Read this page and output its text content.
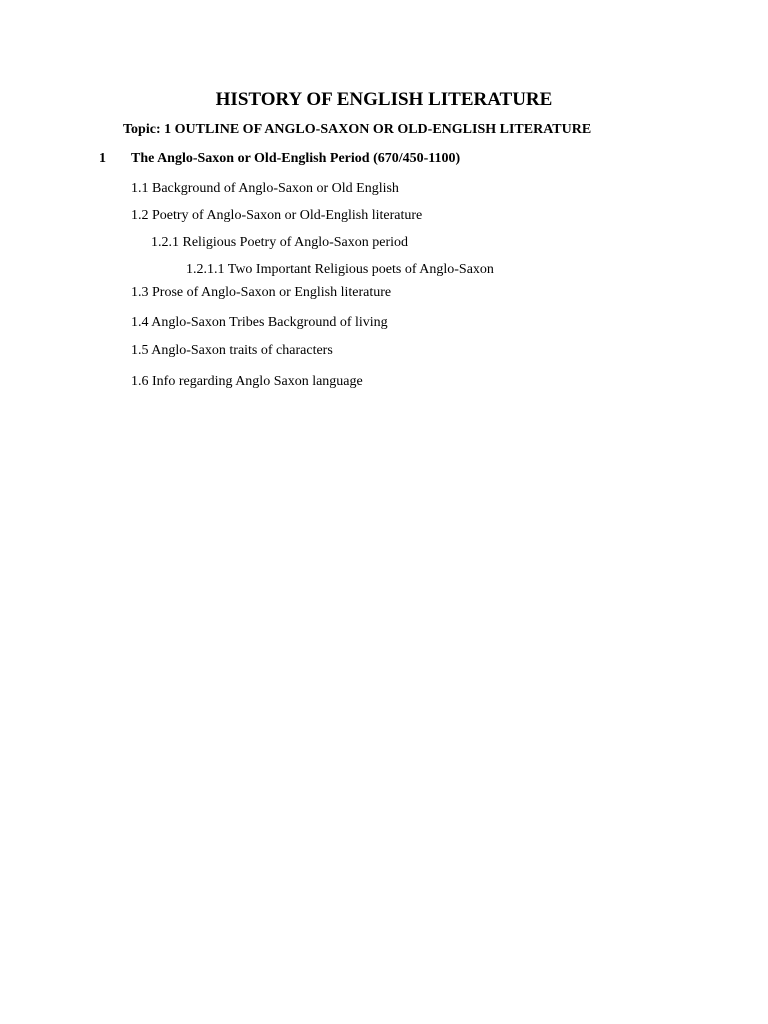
HISTORY OF ENGLISH LITERATURE
Topic: 1 OUTLINE OF ANGLO-SAXON OR OLD-ENGLISH LITERATURE
1 The Anglo-Saxon or Old-English Period (670/450-1100)
1.1 Background of Anglo-Saxon or Old English
1.2 Poetry of Anglo-Saxon or Old-English literature
1.2.1 Religious Poetry of Anglo-Saxon period
1.2.1.1 Two Important Religious poets of Anglo-Saxon
1.3 Prose of Anglo-Saxon or English literature
1.4 Anglo-Saxon Tribes Background of living
1.5 Anglo-Saxon traits of characters
1.6 Info regarding Anglo Saxon language
